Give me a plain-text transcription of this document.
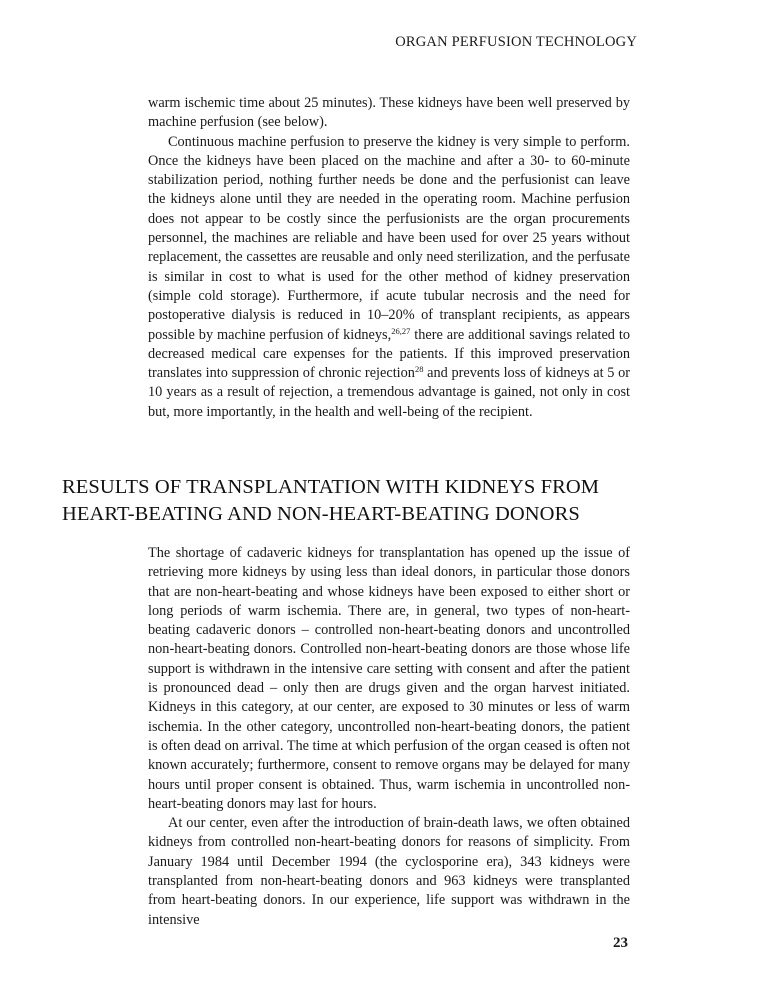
ORGAN PERFUSION TECHNOLOGY

warm ischemic time about 25 minutes). These kidneys have been well preserved by machine perfusion (see below).

Continuous machine perfusion to preserve the kidney is very simple to perform. Once the kidneys have been placed on the machine and after a 30- to 60-minute stabilization period, nothing further needs be done and the perfusionist can leave the kidneys alone until they are needed in the operating room. Machine perfusion does not appear to be costly since the perfusionists are the organ procurements personnel, the machines are reliable and have been used for over 25 years without replacement, the cassettes are reusable and only need sterilization, and the perfusate is similar in cost to what is used for the other method of kidney preservation (simple cold storage). Furthermore, if acute tubular necrosis and the need for postoperative dialysis is reduced in 10–20% of transplant recipients, as appears possible by machine perfusion of kidneys,$^{26,27}$ there are additional savings related to decreased medical care expenses for the patients. If this improved preservation translates into suppression of chronic rejection$^{28}$ and prevents loss of kidneys at 5 or 10 years as a result of rejection, a tremendous advantage is gained, not only in cost but, more importantly, in the health and well-being of the recipient.

RESULTS OF TRANSPLANTATION WITH KIDNEYS FROM
HEART-BEATING AND NON-HEART-BEATING DONORS

The shortage of cadaveric kidneys for transplantation has opened up the issue of retrieving more kidneys by using less than ideal donors, in particular those donors that are non-heart-beating and whose kidneys have been exposed to either short or long periods of warm ischemia. There are, in general, two types of non-heart-beating cadaveric donors – controlled non-heart-beating donors and uncontrolled non-heart-beating donors. Controlled non-heart-beating donors are those whose life support is withdrawn in the intensive care setting with consent and after the patient is pronounced dead – only then are drugs given and the organ harvest initiated. Kidneys in this category, at our center, are exposed to 30 minutes or less of warm ischemia. In the other category, uncontrolled non-heart-beating donors, the patient is often dead on arrival. The time at which perfusion of the organ ceased is often not known accurately; furthermore, consent to remove organs may be delayed for many hours until proper consent is obtained. Thus, warm ischemia in uncontrolled non-heart-beating donors may last for hours.

At our center, even after the introduction of brain-death laws, we often obtained kidneys from controlled non-heart-beating donors for reasons of simplicity. From January 1984 until December 1994 (the cyclosporine era), 343 kidneys were transplanted from non-heart-beating donors and 963 kidneys were transplanted from heart-beating donors. In our experience, life support was withdrawn in the intensive

23
